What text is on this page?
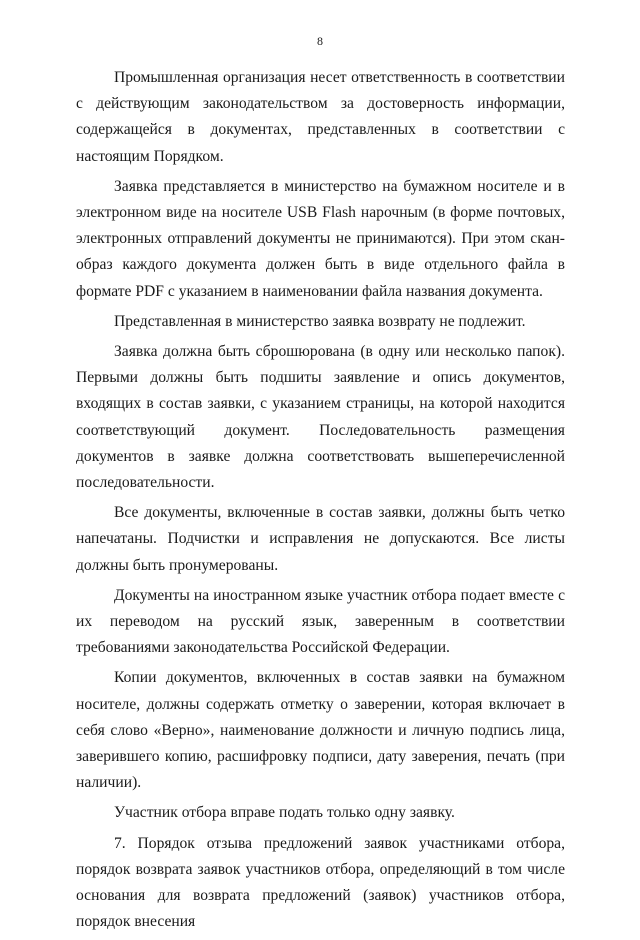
8

Промышленная организация несет ответственность в соответствии с действующим законодательством за достоверность информации, содержащейся в документах, представленных в соответствии с настоящим Порядком.

Заявка представляется в министерство на бумажном носителе и в электронном виде на носителе USB Flash нарочным (в форме почтовых, электронных отправлений документы не принимаются). При этом скан-образ каждого документа должен быть в виде отдельного файла в формате PDF с указанием в наименовании файла названия документа.

Представленная в министерство заявка возврату не подлежит.

Заявка должна быть сброшюрована (в одну или несколько папок). Первыми должны быть подшиты заявление и опись документов, входящих в состав заявки, с указанием страницы, на которой находится соответствующий документ. Последовательность размещения документов в заявке должна соответствовать вышеперечисленной последовательности.

Все документы, включенные в состав заявки, должны быть четко напечатаны. Подчистки и исправления не допускаются. Все листы должны быть пронумерованы.

Документы на иностранном языке участник отбора подает вместе с их переводом на русский язык, заверенным в соответствии требованиями законодательства Российской Федерации.

Копии документов, включенных в состав заявки на бумажном носителе, должны содержать отметку о заверении, которая включает в себя слово «Верно», наименование должности и личную подпись лица, заверившего копию, расшифровку подписи, дату заверения, печать (при наличии).

Участник отбора вправе подать только одну заявку.

7. Порядок отзыва предложений заявок участниками отбора, порядок возврата заявок участников отбора, определяющий в том числе основания для возврата предложений (заявок) участников отбора, порядок внесения
